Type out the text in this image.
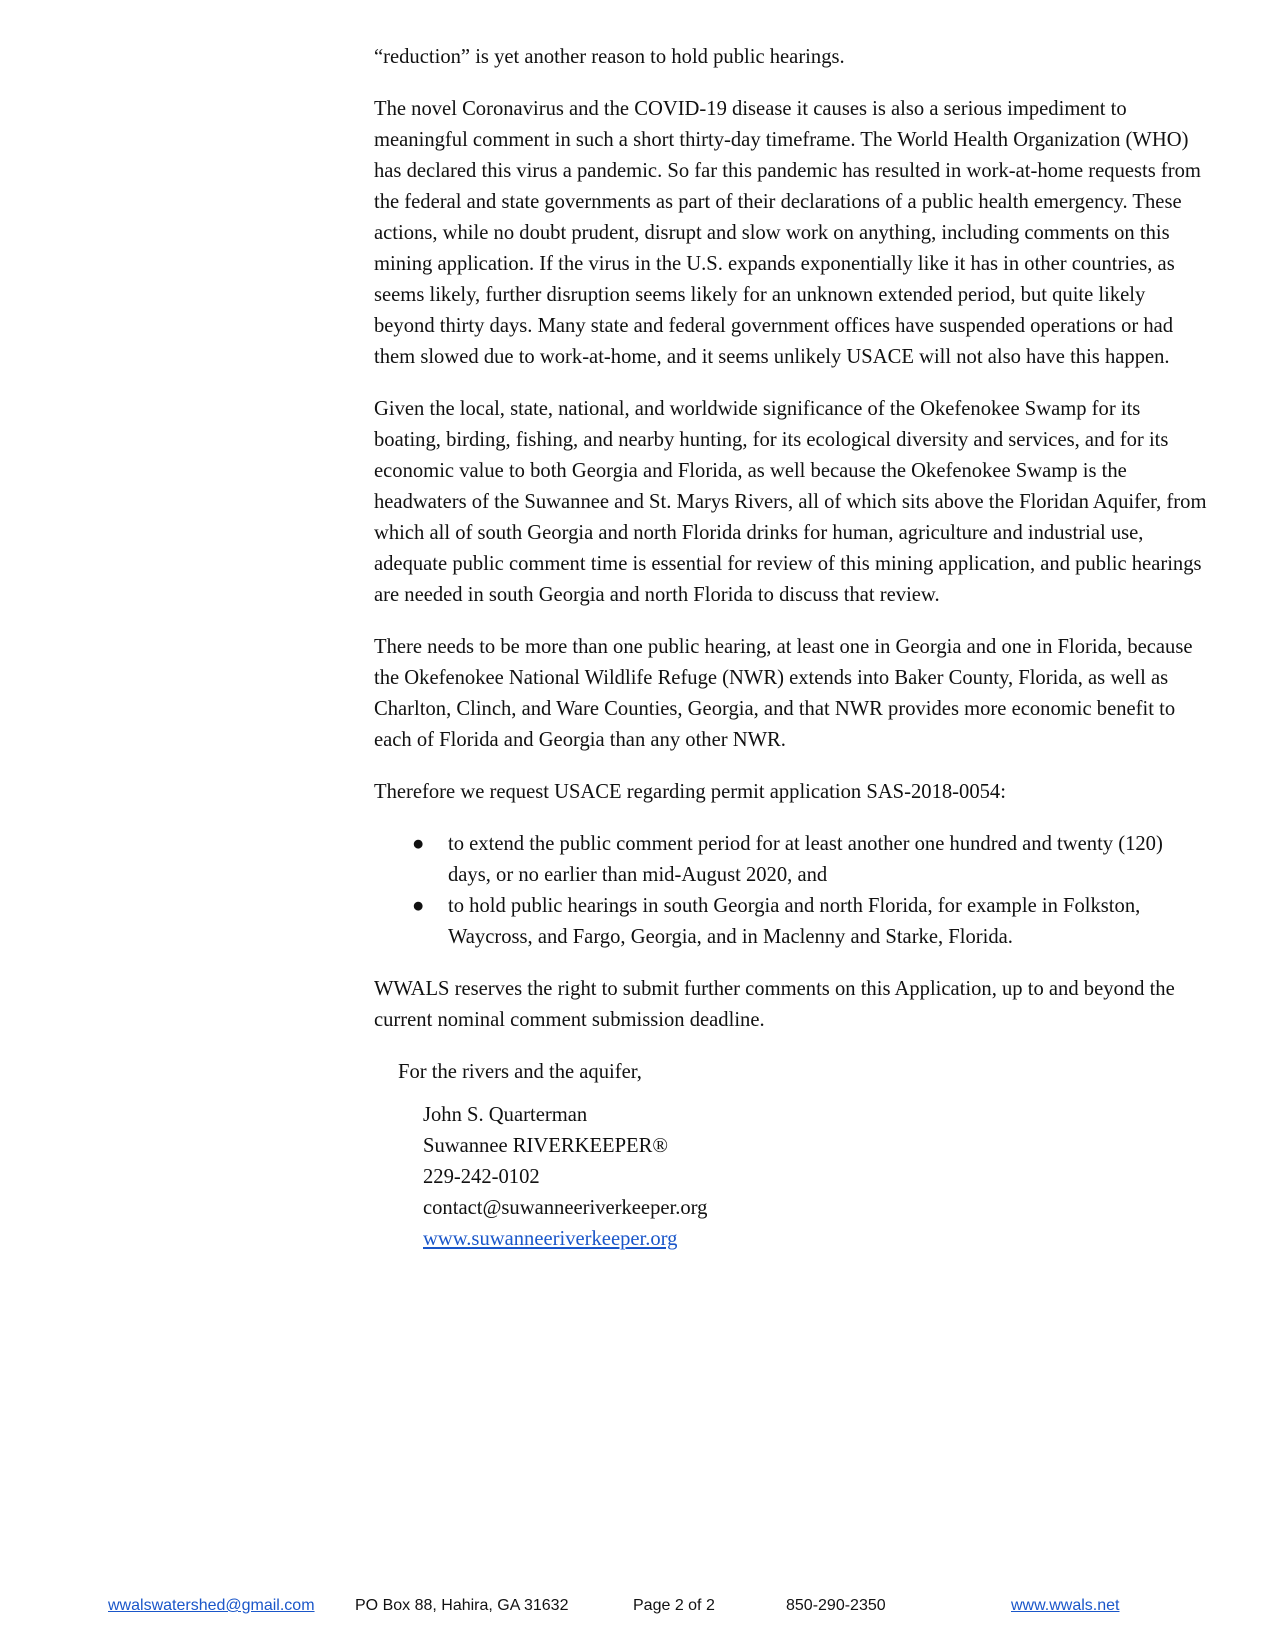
“reduction” is yet another reason to hold public hearings.

The novel Coronavirus and the COVID-19 disease it causes is also a serious impediment to meaningful comment in such a short thirty-day timeframe. The World Health Organization (WHO) has declared this virus a pandemic. So far this pandemic has resulted in work-at-home requests from the federal and state governments as part of their declarations of a public health emergency. These actions, while no doubt prudent, disrupt and slow work on anything, including comments on this mining application. If the virus in the U.S. expands exponentially like it has in other countries, as seems likely, further disruption seems likely for an unknown extended period, but quite likely beyond thirty days. Many state and federal government offices have suspended operations or had them slowed due to work-at-home, and it seems unlikely USACE will not also have this happen.

Given the local, state, national, and worldwide significance of the Okefenokee Swamp for its boating, birding, fishing, and nearby hunting, for its ecological diversity and services, and for its economic value to both Georgia and Florida, as well because the Okefenokee Swamp is the headwaters of the Suwannee and St. Marys Rivers, all of which sits above the Floridan Aquifer, from which all of south Georgia and north Florida drinks for human, agriculture and industrial use, adequate public comment time is essential for review of this mining application, and public hearings are needed in south Georgia and north Florida to discuss that review.

There needs to be more than one public hearing, at least one in Georgia and one in Florida, because the Okefenokee National Wildlife Refuge (NWR) extends into Baker County, Florida, as well as Charlton, Clinch, and Ware Counties, Georgia, and that NWR provides more economic benefit to each of Florida and Georgia than any other NWR.

Therefore we request USACE regarding permit application SAS-2018-0054:

● to extend the public comment period for at least another one hundred and twenty (120) days, or no earlier than mid-August 2020, and
● to hold public hearings in south Georgia and north Florida, for example in Folkston, Waycross, and Fargo, Georgia, and in Maclenny and Starke, Florida.

WWALS reserves the right to submit further comments on this Application, up to and beyond the current nominal comment submission deadline.

For the rivers and the aquifer,
John S. Quarterman
Suwannee RIVERKEEPER®
229-242-0102
contact@suwanneeriverkeeper.org
www.suwanneeriverkeeper.org
wwalswatershed@gmail.com	PO Box 88, Hahira, GA 31632	Page 2 of 2	850-290-2350	www.wwals.net
